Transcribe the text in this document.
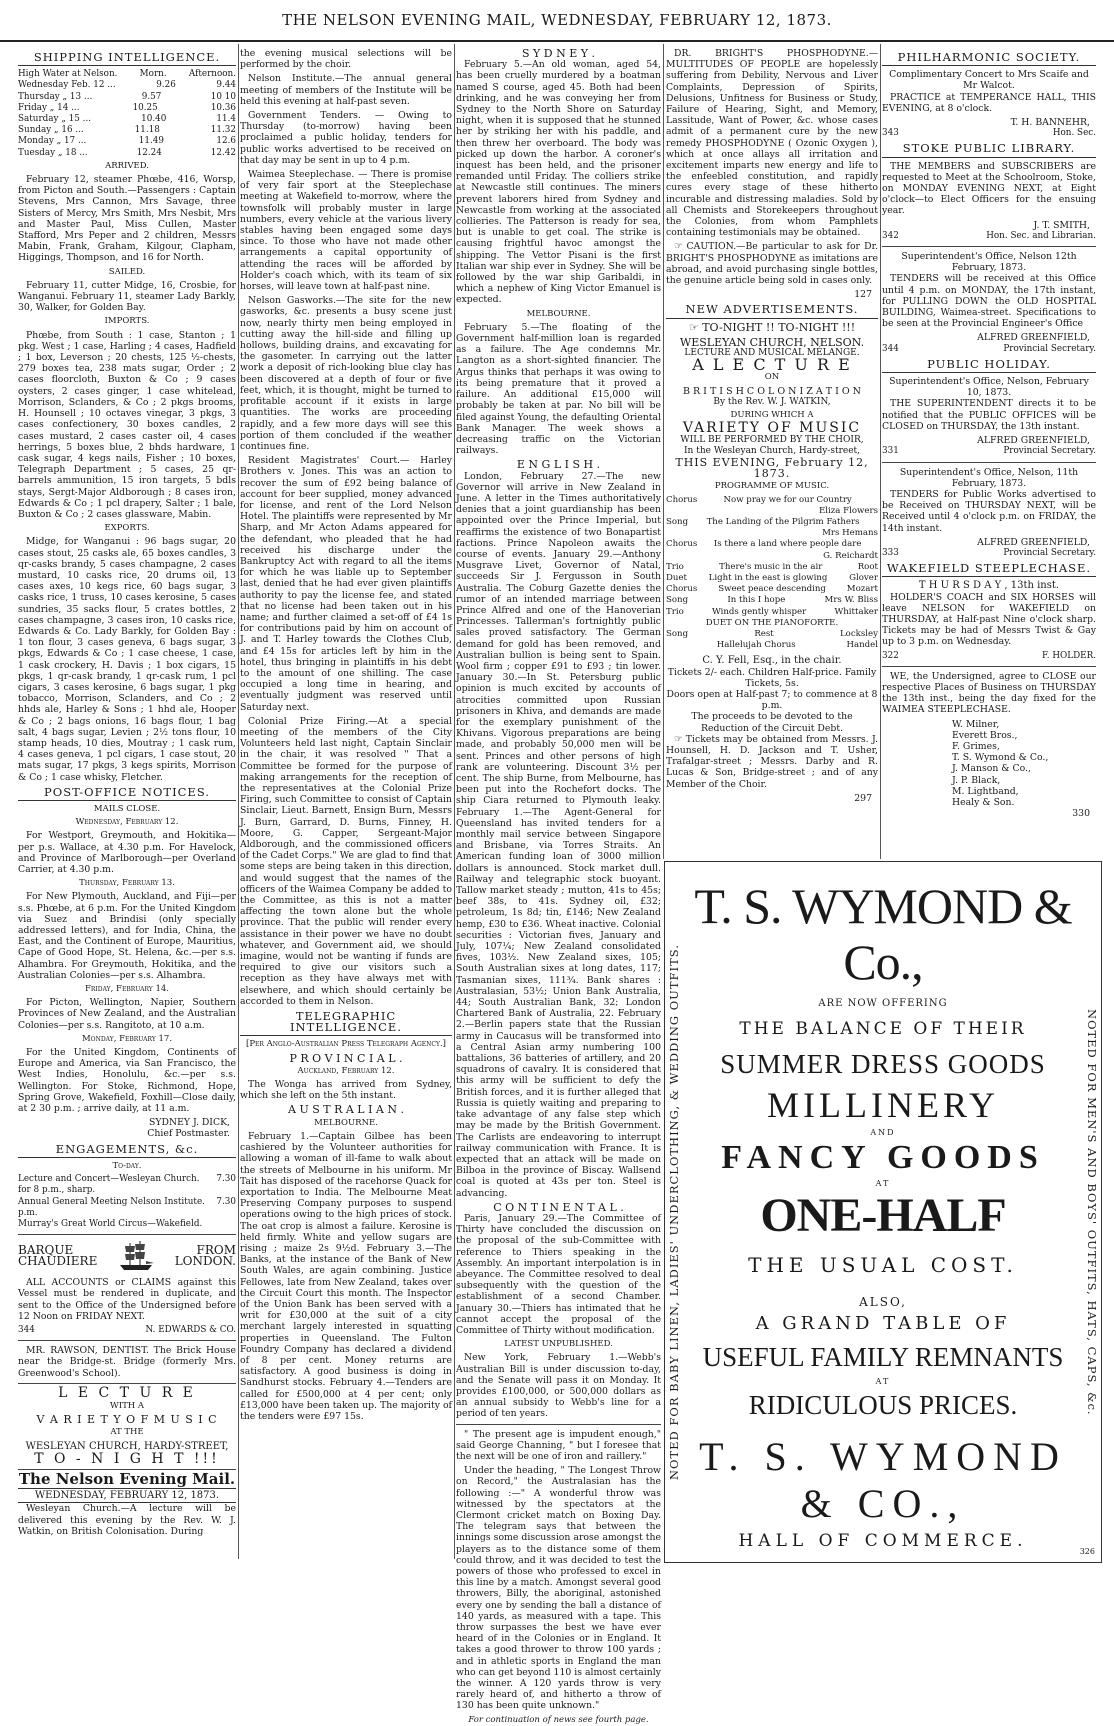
THE NELSON EVENING MAIL, WEDNESDAY, FEBRUARY 12, 1873.
SHIPPING INTELLIGENCE.
High Water at Nelson.	Morn.	Afternoon.
Wednesday Feb. 12 ...	9.26	9.44
Thursday „ 13 ...	9.57	10 10
Friday „ 14 ...	10.25	10.36
Saturday „ 15 ...	10.40	11.4
Sunday „ 16 ...	11.18	11.32
Monday „ 17 ...	11.49	12.6
Tuesday „ 18 ...	12.24	12.42
ARRIVED.

February 12, steamer Phœbe, 416, Worsp, from Picton and South.—Passengers : Captain Stevens, Mrs Cannon, Mrs Savage, three Sisters of Mercy, Mrs Smith, Mrs Nesbit, Mrs and Master Paul, Miss Cullen, Master Stafford, Mrs Peper and 2 children, Messrs Mabin, Frank, Graham, Kilgour, Clapham, Higgings, Thompson, and 16 for North.

SAILED.

February 11, cutter Midge, 16, Crosbie, for Wanganui. February 11, steamer Lady Barkly, 30, Walker, for Golden Bay.

IMPORTS.

Phœbe, from South : 1 case, Stanton ; 1 pkg. West ; 1 case, Harling ; 4 cases, Hadfield ; 1 box, Leverson ; 20 chests, 125 ½-chests, 279 boxes tea, 238 mats sugar, Order ; 2 cases floorcloth, Buxton & Co ; 9 cases oysters, 2 cases ginger, 1 case whitelead, Morrison, Sclanders, & Co ; 2 pkgs brooms, H. Hounsell ; 10 octaves vinegar, 3 pkgs, 3 cases confectionery, 30 boxes candles, 2 cases mustard, 2 cases caster oil, 4 cases herrings, 5 boxes blue, 2 bhds hardware, 1 cask sugar, 4 kegs nails, Fisher ; 10 boxes, Telegraph Department ; 5 cases, 25 qr-barrels ammunition, 15 iron targets, 5 bdls stays, Sergt-Major Aldborough ; 8 cases iron, Edwards & Co ; 1 pcl drapery, Salter ; 1 bale, Buxton & Co ; 2 cases glassware, Mabin.

EXPORTS.

Midge, for Wanganui : 96 bags sugar, 20 cases stout, 25 casks ale, 65 boxes candles, 3 qr-casks brandy, 5 cases champagne, 2 cases mustard, 10 casks rice, 20 drums oil, 13 cases axes, 10 kegs rice, 60 bags sugar, 3 casks rice, 1 truss, 10 cases kerosine, 5 cases sundries, 35 sacks flour, 5 crates bottles, 2 cases champagne, 3 cases iron, 10 casks rice, Edwards & Co. Lady Barkly, for Golden Bay : 1 ton flour, 3 cases geneva, 6 bags sugar, 3 pkgs, Edwards & Co ; 1 case cheese, 1 case, 1 cask crockery, H. Davis ; 1 box cigars, 15 pkgs, 1 qr-cask brandy, 1 qr-cask rum, 1 pcl cigars, 3 cases kerosine, 6 bags sugar, 1 pkg tobacco, Morrison, Sclanders, and Co ; 2 hhds ale, Harley & Sons ; 1 hhd ale, Hooper & Co ; 2 bags onions, 16 bags flour, 1 bag salt, 4 bags sugar, Levien ; 2½ tons flour, 10 stamp heads, 10 dies, Moutray ; 1 cask rum, 4 cases geneva, 1 pcl cigars, 1 case stout, 20 mats sugar, 17 pkgs, 3 kegs spirits, Morrison & Co ; 1 case whisky, Fletcher.

POST-OFFICE NOTICES.
MAILS CLOSE.
Wednesday, February 12.

For Westport, Greymouth, and Hokitika—per p.s. Wallace, at 4.30 p.m. For Havelock, and Province of Marlborough—per Overland Carrier, at 4.30 p.m.

Thursday, February 13.

For New Plymouth, Auckland, and Fiji—per s.s. Phœbe, at 6 p.m. For the United Kingdom via Suez and Brindisi (only specially addressed letters), and for India, China, the East, and the Continent of Europe, Mauritius, Cape of Good Hope, St. Helena, &c.—per s.s. Alhambra. For Greymouth, Hokitika, and the Australian Colonies—per s.s. Alhambra.

Friday, February 14.

For Picton, Wellington, Napier, Southern Provinces of New Zealand, and the Australian Colonies—per s.s. Rangitoto, at 10 a.m.

Monday, February 17.

For the United Kingdom, Continents of Europe and America, via San Francisco, the West Indies, Honolulu, &c.—per s.s. Wellington. For Stoke, Richmond, Hope, Spring Grove, Wakefield, Foxhill—Close daily, at 2 30 p.m. ; arrive daily, at 11 a.m.

SYDNEY J. DICK,
Chief Postmaster.
ENGAGEMENTS, &c.
To-day.
Lecture and Concert—Wesleyan Church. 7.30
for 8 p.m., sharp.
Annual General Meeting Nelson Institute. 7.30
p.m.
Murray's Great World Circus—Wakefield.
BARQUE
CHAUDIERE
FROM
LONDON.

ALL ACCOUNTS or CLAIMS against this Vessel must be rendered in duplicate, and sent to the Office of the Undersigned before 12 Noon on FRIDAY NEXT.

344	N. EDWARDS & CO.

MR. RAWSON, DENTIST. The Brick House near the Bridge-st. Bridge (formerly Mrs. Greenwood's School).

L E C T U R E
WITH A
V A R I E T Y O F M U S I C
AT THE
WESLEYAN CHURCH, HARDY-STREET,
T O - N I G H T !!!
The Nelson Evening Mail.
WEDNESDAY, FEBRUARY 12, 1873.

Wesleyan Church.—A lecture will be delivered this evening by the Rev. W. J. Watkin, on British Colonisation. During

the evening musical selections will be performed by the choir.

Nelson Institute.—The annual general meeting of members of the Institute will be held this evening at half-past seven.

Government Tenders. — Owing to Thursday (to-morrow) having been proclaimed a public holiday, tenders for public works advertised to be received on that day may be sent in up to 4 p.m.

Waimea Steeplechase. — There is promise of very fair sport at the Steeplechase meeting at Wakefield to-morrow, where the townsfolk will probably muster in large numbers, every vehicle at the various livery stables having been engaged some days since. To those who have not made other arrangements a capital opportunity of attending the races will be afforded by Holder's coach which, with its team of six horses, will leave town at half-past nine.

Nelson Gasworks.—The site for the new gasworks, &c. presents a busy scene just now, nearly thirty men being employed in cutting away the hill-side and filling up hollows, building drains, and excavating for the gasometer. In carrying out the latter work a deposit of rich-looking blue clay has been discovered at a depth of four or five feet, which, it is thought, might be turned to profitable account if it exists in large quantities. The works are proceeding rapidly, and a few more days will see this portion of them concluded if the weather continues fine.

Resident Magistrates' Court.— Harley Brothers v. Jones. This was an action to recover the sum of £92 being balance of account for beer supplied, money advanced for license, and rent of the Lord Nelson Hotel. The plaintiffs were represented by Mr Sharp, and Mr Acton Adams appeared for the defendant, who pleaded that he had received his discharge under the Bankruptcy Act with regard to all the items for which he was liable up to September last, denied that he had ever given plaintiffs authority to pay the license fee, and stated that no license had been taken out in his name; and further claimed a set-off of £4 1s for contributions paid by him on account of J. and T. Harley towards the Clothes Club, and £4 15s for articles left by him in the hotel, thus bringing in plaintiffs in his debt to the amount of one shilling. The case occupied a long time in hearing, and eventually judgment was reserved until Saturday next.

Colonial Prize Firing.—At a special meeting of the members of the City Volunteers held last night, Captain Sinclair in the chair, it was resolved " That a Committee be formed for the purpose of making arrangements for the reception of the representatives at the Colonial Prize Firing, such Committee to consist of Captain Sinclair, Lieut. Barnett, Ensign Burn, Messrs J. Burn, Garrard, D. Burns, Finney, H. Moore, G. Capper, Sergeant-Major Aldborough, and the commissioned officers of the Cadet Corps." We are glad to find that some steps are being taken in this direction, and would suggest that the names of the officers of the Waimea Company be added to the Committee, as this is not a matter affecting the town alone but the whole province. That the public will render every assistance in their power we have no doubt whatever, and Government aid, we should imagine, would not be wanting if funds are required to give our visitors such a reception as they have always met with elsewhere, and which should certainly be accorded to them in Nelson.

TELEGRAPHIC INTELLIGENCE.
[Per Anglo-Australian Press Telegraph Agency.]
P R O V I N C I A L .
Auckland, February 12.

The Wonga has arrived from Sydney, which she left on the 5th instant.

A U S T R A L I A N .
MELBOURNE.

February 1.—Captain Gilbee has been cashiered by the Volunteer authorities for allowing a woman of ill-fame to walk about the streets of Melbourne in his uniform. Mr Tait has disposed of the racehorse Quack for exportation to India. The Melbourne Meat Preserving Company purposes to suspend operations owing to the high prices of stock. The oat crop is almost a failure. Kerosine is held firmly. White and yellow sugars are rising ; maize 2s 9½d. February 3.—The Banks, at the instance of the Bank of New South Wales, are again combining. Justice Fellowes, late from New Zealand, takes over the Circuit Court this month. The Inspector of the Union Bank has been served with a writ for £30,000 at the suit of a city merchant largely interested in squatting properties in Queensland. The Fulton Foundry Company has declared a dividend of 8 per cent. Money returns are satisfactory. A good business is doing in Sandhurst stocks. February 4.—Tenders are called for £500,000 at 4 per cent; only £13,000 have been taken up. The majority of the tenders were £97 15s.

S Y D N E Y .

February 5.—An old woman, aged 54, has been cruelly murdered by a boatman named S course, aged 45. Both had been drinking, and he was conveying her from Sydney to the North Shore on Saturday night, when it is supposed that he stunned her by striking her with his paddle, and then threw her overboard. The body was picked up down the harbor. A coroner's inquest has been held, and the prisoner remanded until Friday. The colliers strike at Newcastle still continues. The miners prevent laborers hired from Sydney and Newcastle from working at the associated collieries. The Patterson is ready for sea, but is unable to get coal. The strike is causing frightful havoc amongst the shipping. The Vettor Pisani is the first Italian war ship ever in Sydney. She will be followed by the war ship Garibaldi, in which a nephew of King Victor Emanuel is expected.

MELBOURNE.

February 5.—The floating of the Government half-million loan is regarded as a failure. The Age condemns Mr. Langton as a short-sighted financier. The Argus thinks that perhaps it was owing to its being premature that it proved a failure. An additional £15,000 will probably be taken at par. No bill will be filed against Young, the defaulting Oriental Bank Manager. The week shows a decreasing traffic on the Victorian railways.

E N G L I S H .

London, February 27.—The new Governor will arrive in New Zealand in June. A letter in the Times authoritatively denies that a joint guardianship has been appointed over the Prince Imperial, but reaffirms the existence of two Bonapartist factions. Prince Napoleon awaits the course of events. January 29.—Anthony Musgrave Livet, Governor of Natal, succeeds Sir J. Fergusson in South Australia. The Coburg Gazette denies the rumor of an intended marriage between Prince Alfred and one of the Hanoverian Princesses. Tallerman's fortnightly public sales proved satisfactory. The German demand for gold has been removed, and Australian bullion is being sent to Spain. Wool firm ; copper £91 to £93 ; tin lower. January 30.—In St. Petersburg public opinion is much excited by accounts of atrocities committed upon Russian prisoners in Khiva, and demands are made for the exemplary punishment of the Khivans. Vigorous preparations are being made, and probably 50,000 men will be sent. Princes and other persons of high rank are volunteering. Discount 3½ per cent. The ship Burne, from Melbourne, has been put into the Rochefort docks. The ship Ciara returned to Plymouth leaky. February 1.—The Agent-General for Queensland has invited tenders for a monthly mail service between Singapore and Brisbane, via Torres Straits. An American funding loan of 3000 million dollars is announced. Stock market dull. Railway and telegraphic stock buoyant. Tallow market steady ; mutton, 41s to 45s; beef 38s, to 41s. Sydney oil, £32; petroleum, 1s 8d; tin, £146; New Zealand hemp, £30 to £36. Wheat inactive. Colonial securities : Victorian fives, January and July, 107¼; New Zealand consolidated fives, 103½. New Zealand sixes, 105; South Australian sixes at long dates, 117; Tasmanian sixes, 111¾. Bank shares : Australasian, 53½; Union Bank Australia, 44; South Australian Bank, 32; London Chartered Bank of Australia, 22. February 2.—Berlin papers state that the Russian army in Caucasus will be transformed into a Central Asian army numbering 100 battalions, 36 batteries of artillery, and 20 squadrons of cavalry. It is considered that this army will be sufficient to defy the British forces, and it is further alleged that Russia is quietly waiting and preparing to take advantage of any false step which may be made by the British Government. The Carlists are endeavoring to interrupt railway communication with France. It is expected that an attack will be made on Bilboa in the province of Biscay. Wallsend coal is quoted at 43s per ton. Steel is advancing.

C O N T I N E N T A L .

Paris, January 29.—The Committee of Thirty have concluded the discussion on the proposal of the sub-Committee with reference to Thiers speaking in the Assembly. An important interpolation is in abeyance. The Committee resolved to deal subsequently with the question of the establishment of a second Chamber. January 30.—Thiers has intimated that he cannot accept the proposal of the Committee of Thirty without modification.

LATEST UNPUBLISHED.

New York, February 1.—Webb's Australian Bill is under discussion to-day, and the Senate will pass it on Monday. It provides £100,000, or 500,000 dollars as an annual subsidy to Webb's line for a period of ten years.

" The present age is impudent enough," said George Channing, " but I foresee that the next will be one of iron and raillery."

Under the heading, " The Longest Throw on Record," the Australasian has the following :—" A wonderful throw was witnessed by the spectators at the Clermont cricket match on Boxing Day. The telegram says that between the innings some discussion arose amongst the players as to the distance some of them could throw, and it was decided to test the powers of those who professed to excel in this line by a match. Amongst several good throwers, Billy, the aboriginal, astonished every one by sending the ball a distance of 140 yards, as measured with a tape. This throw surpasses the best we have ever heard of in the Colonies or in England. It takes a good thrower to throw 100 yards ; and in athletic sports in England the man who can get beyond 110 is almost certainly the winner. A 120 yards throw is very rarely heard of, and hitherto a throw of 130 has been quite unknown."

For continuation of news see fourth page.

DR. BRIGHT'S PHOSPHODYNE.—MULTITUDES OF PEOPLE are hopelessly suffering from Debility, Nervous and Liver Complaints, Depression of Spirits, Delusions, Unfitness for Business or Study, Failure of Hearing, Sight, and Memory, Lassitude, Want of Power, &c. whose cases admit of a permanent cure by the new remedy PHOSPHODYNE ( Ozonic Oxygen ), which at once allays all irritation and excitement imparts new energy and life to the enfeebled constitution, and rapidly cures every stage of these hitherto incurable and distressing maladies. Sold by all Chemists and Storekeepers throughout the Colonies, from whom Pamphlets containing testimonials may be obtained.

☞ CAUTION.—Be particular to ask for Dr. BRIGHT'S PHOSPHODYNE as imitations are abroad, and avoid purchasing single bottles, the genuine article being sold in cases only.

127
NEW ADVERTISEMENTS.
☞ TO-NIGHT !! TO-NIGHT !!!
WESLEYAN CHURCH, NELSON.
LECTURE AND MUSICAL MÉLANGE.
A L E C T U R E
ON
B R I T I S H C O L O N I Z A T I O N
By the Rev. W. J. WATKIN,
DURING WHICH A
VARIETY OF MUSIC
WILL BE PERFORMED BY THE CHOIR,
In the Wesleyan Church, Hardy-street,
THIS EVENING, February 12, 1873.
PROGRAMME OF MUSIC.
Chorus	Now pray we for our Country
Eliza Flowers
Song The Landing of the Pilgrim Fathers
Mrs Hemans
Chorus Is there a land where people dare
G. Reichardt
Trio	There's music in the air	Root
Duet	Light in the east is glowing	Glover
Chorus Sweet peace descending Mozart
Song	In this I hope	Mrs W. Bliss
Trio	Winds gently whisper	Whittaker
DUET ON THE PIANOFORTE.
Song	Rest	Locksley
Hallelujah Chorus	Handel
C. Y. Fell, Esq., in the chair.
Tickets 2/- each. Children Half-price. Family Tickets, 5s.
Doors open at Half-past 7; to commence at 8 p.m.
The proceeds to be devoted to the Reduction of the Circuit Debt.

☞ Tickets may be obtained from Messrs. J. Hounsell, H. D. Jackson and T. Usher, Trafalgar-street ; Messrs. Darby and R. Lucas & Son, Bridge-street ; and of any Member of the Choir.

297
PHILHARMONIC SOCIETY.
Complimentary Concert to Mrs Scaife and Mr Walcot.

PRACTICE at TEMPERANCE HALL, THIS EVENING, at 8 o'clock.

T. H. BANNEHR,
343	Hon. Sec.
STOKE PUBLIC LIBRARY.

THE MEMBERS and SUBSCRIBERS are requested to Meet at the Schoolroom, Stoke, on MONDAY EVENING NEXT, at Eight o'clock—to Elect Officers for the ensuing year.

J. T. SMITH,
342	Hon. Sec. and Librarian.
Superintendent's Office, Nelson 12th February, 1873.

TENDERS will be received at this Office until 4 p.m. on MONDAY, the 17th instant, for PULLING DOWN the OLD HOSPITAL BUILDING, Waimea-street. Specifications to be seen at the Provincial Engineer's Office

ALFRED GREENFIELD,
344	Provincial Secretary.
PUBLIC HOLIDAY.
Superintendent's Office, Nelson, February 10, 1873.

THE SUPERINTENDENT directs it to be notified that the PUBLIC OFFICES will be CLOSED on THURSDAY, the 13th instant.

ALFRED GREENFIELD,
331	Provincial Secretary.
Superintendent's Office, Nelson, 11th February, 1873.

TENDERS for Public Works advertised to be Received on THURSDAY NEXT, will be Received until 4 o'clock p.m. on FRIDAY, the 14th instant.

ALFRED GREENFIELD,
333	Provincial Secretary.
WAKEFIELD STEEPLECHASE.
T H U R S D A Y , 13th inst.

HOLDER'S COACH and SIX HORSES will leave NELSON for WAKEFIELD on THURSDAY, at Half-past Nine o'clock sharp. Tickets may be had of Messrs Twist & Gay up to 3 p.m. on Wednesday.

322	F. HOLDER.

WE, the Undersigned, agree to CLOSE our respective Places of Business on THURSDAY the 13th inst., being the day fixed for the WAIMEA STEEPLECHASE.

W. Milner,
Everett Bros.,
F. Grimes,
T. S. Wymond & Co.,
J. Manson & Co.,
J. P. Black,
M. Lightband,
Healy & Son.
330
NOTED FOR BABY LINEN, LADIES' UNDERCLOTHING, & WEDDING OUTFITS.
T. S. WYMOND & Co.,
ARE NOW OFFERING
THE BALANCE OF THEIR
SUMMER DRESS GOODS
MILLINERY
AND
FANCY GOODS
AT
ONE-HALF
THE USUAL COST.
ALSO,
A GRAND TABLE OF
USEFUL FAMILY REMNANTS
AT
RIDICULOUS PRICES.
T. S. WYMOND & CO.,
HALL OF COMMERCE.
NOTED FOR MEN'S AND BOYS' OUTFITS, HATS, CAPS, &c.
326
